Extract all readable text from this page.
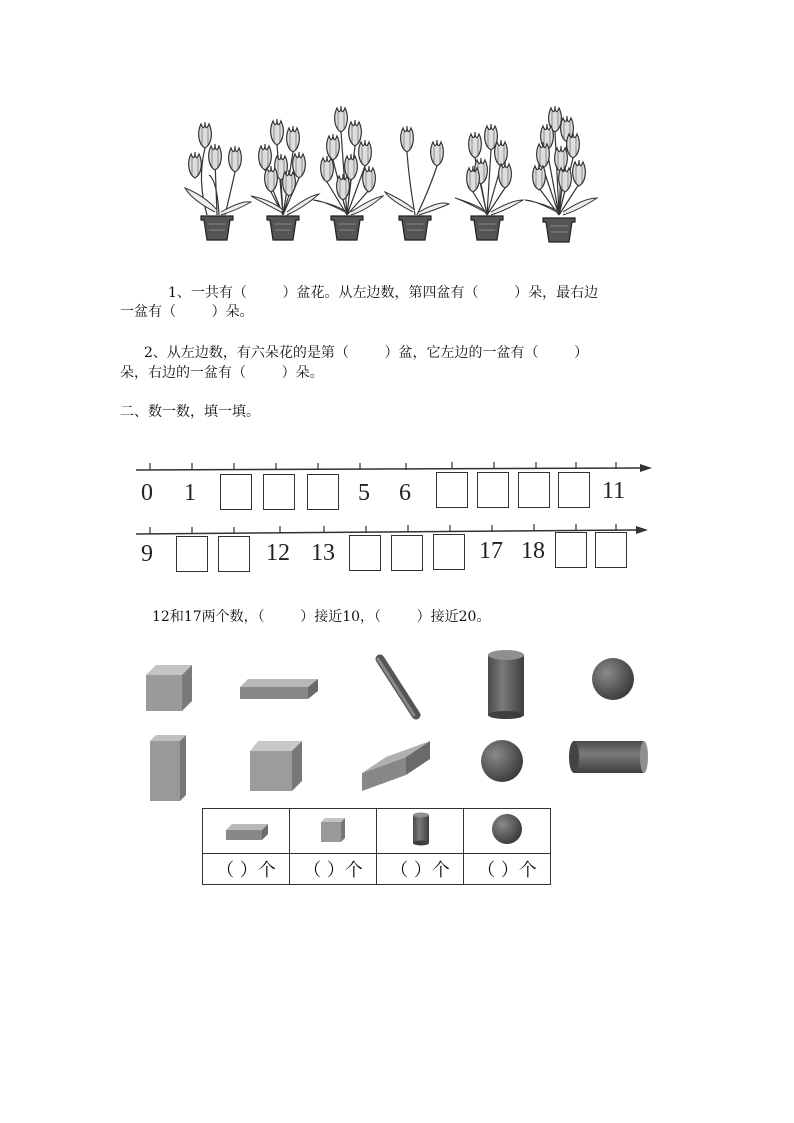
1、一共有（        ）盆花。从左边数，第四盆有（        ）朵，最右边
一盆有（        ）朵。
2、从左边数，有六朵花的是第（        ）盆，它左边的一盆有（        ）
朵，右边的一盆有（        ）朵。
二、数一数，填一填。
0 1	5 6	11
9	12 13	17 18
12和17两个数，（        ）接近10，（        ）接近20。

（ ）个	（ ）个	（ ）个	（ ）个
